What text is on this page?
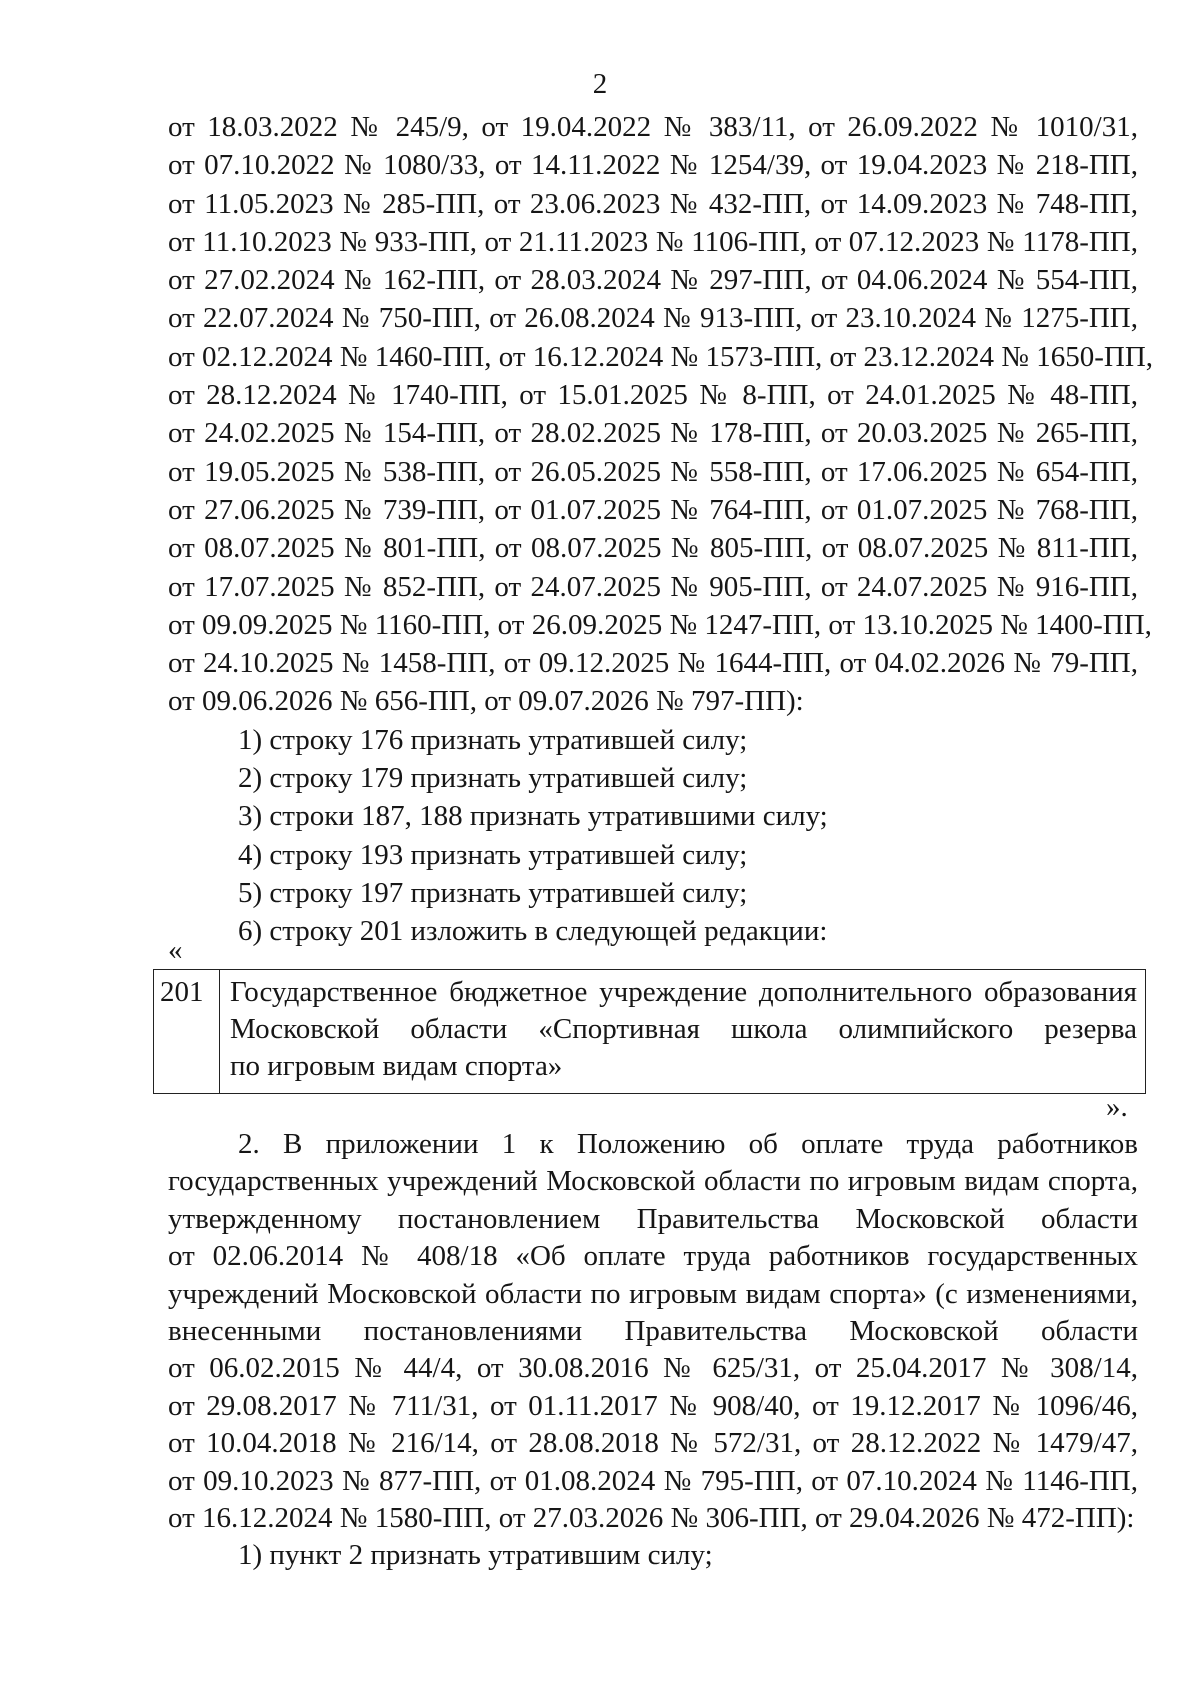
2
от 18.03.2022 № 245/9, от 19.04.2022 № 383/11, от 26.09.2022 № 1010/31,
от 07.10.2022 № 1080/33, от 14.11.2022 № 1254/39, от 19.04.2023 № 218-ПП,
от 11.05.2023 № 285-ПП, от 23.06.2023 № 432-ПП, от 14.09.2023 № 748-ПП,
от 11.10.2023 № 933-ПП, от 21.11.2023 № 1106-ПП, от 07.12.2023 № 1178-ПП,
от 27.02.2024 № 162-ПП, от 28.03.2024 № 297-ПП, от 04.06.2024 № 554-ПП,
от 22.07.2024 № 750-ПП, от 26.08.2024 № 913-ПП, от 23.10.2024 № 1275-ПП,
от 02.12.2024 № 1460-ПП, от 16.12.2024 № 1573-ПП, от 23.12.2024 № 1650-ПП,
от 28.12.2024 № 1740-ПП, от 15.01.2025 № 8-ПП, от 24.01.2025 № 48-ПП,
от 24.02.2025 № 154-ПП, от 28.02.2025 № 178-ПП, от 20.03.2025 № 265-ПП,
от 19.05.2025 № 538-ПП, от 26.05.2025 № 558-ПП, от 17.06.2025 № 654-ПП,
от 27.06.2025 № 739-ПП, от 01.07.2025 № 764-ПП, от 01.07.2025 № 768-ПП,
от 08.07.2025 № 801-ПП, от 08.07.2025 № 805-ПП, от 08.07.2025 № 811-ПП,
от 17.07.2025 № 852-ПП, от 24.07.2025 № 905-ПП, от 24.07.2025 № 916-ПП,
от 09.09.2025 № 1160-ПП, от 26.09.2025 № 1247-ПП, от 13.10.2025 № 1400-ПП,
от 24.10.2025 № 1458-ПП, от 09.12.2025 № 1644-ПП, от 04.02.2026 № 79-ПП,
от 09.06.2026 № 656-ПП, от 09.07.2026 № 797-ПП):
1) строку 176 признать утратившей силу;
2) строку 179 признать утратившей силу;
3) строки 187, 188 признать утратившими силу;
4) строку 193 признать утратившей силу;
5) строку 197 признать утратившей силу;
6) строку 201 изложить в следующей редакции:
«
201 Государственное бюджетное учреждение дополнительного образования
Московской области «Спортивная школа олимпийского резерва
по игровым видам спорта»
».
2. В приложении 1 к Положению об оплате труда работников
государственных учреждений Московской области по игровым видам спорта,
утвержденному постановлением Правительства Московской области
от 02.06.2014 № 408/18 «Об оплате труда работников государственных
учреждений Московской области по игровым видам спорта» (с изменениями,
внесенными постановлениями Правительства Московской области
от 06.02.2015 № 44/4, от 30.08.2016 № 625/31, от 25.04.2017 № 308/14,
от 29.08.2017 № 711/31, от 01.11.2017 № 908/40, от 19.12.2017 № 1096/46,
от 10.04.2018 № 216/14, от 28.08.2018 № 572/31, от 28.12.2022 № 1479/47,
от 09.10.2023 № 877-ПП, от 01.08.2024 № 795-ПП, от 07.10.2024 № 1146-ПП,
от 16.12.2024 № 1580-ПП, от 27.03.2026 № 306-ПП, от 29.04.2026 № 472-ПП):
1) пункт 2 признать утратившим силу;
